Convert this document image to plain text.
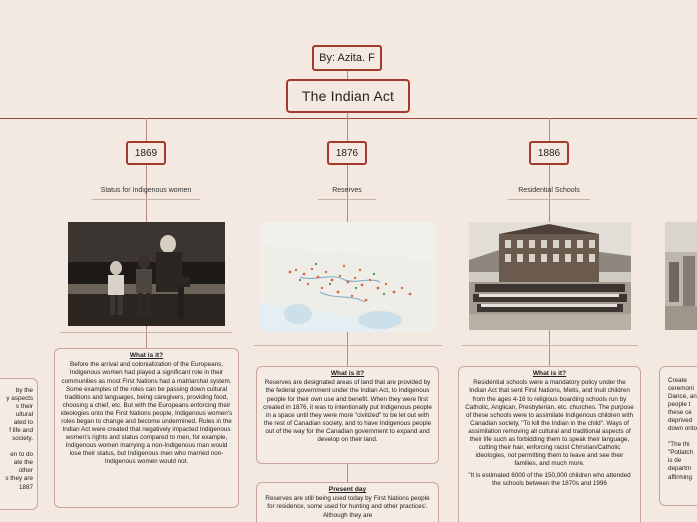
By: Azita. F
The Indian Act
1869	1876	1886
Status for Indigenous women	Reserves	Residential Schools
What is it?

Before the arrival and colonialization of the Europeans, Indigenous women had played a significant role in their communities as most First Nations had a matriarchal system. Some examples of the roles can be passing down cultural traditions and languages, being caregivers, providing food, choosing a chief, etc. But with the Europeans enforcing their ideologies onto the First Nations people, Indigenous women's roles began to change and become undermined. Rules in the Indian Act were created that negatively impacted Indigenous women's rights and status compared to men, for example, Indigenous women marrying a non-Indigenous man would lose their status, but Indigenous men who married non-Indigenous women would not.

What is it?

Reserves are designated areas of land that are provided by the federal government under the Indian Act, to Indigenous people for their own use and benefit. When they were first created in 1876, it was to intentionally put Indigenous people in a space until they were more "civilized" to be let out with the rest of Canadian society, and to have Indigenous people out of the way for the Canadian government to expand and develop on their land.

Present day

Reserves are still being used today by First Nations people for residence, some used for hunting and other practices'. Although they are

What is it?

Residential schools were a mandatory policy under the Indian Act that sent First Nations, Metis, and Inuit children from the ages 4-16 to religious boarding schools run by Catholic, Anglican, Presbyterian, etc. churches. The purpose of these schools were to assimilate Indigenous children with Canadian society, "To kill the Indian in the child". Ways of assimilation removing all cultural and traditional aspects of their life such as forbidding them to speak their language, cutting their hair, enforcing racist Christian/Catholic ideologies, not permitting them to leave and see their families, and much more.

"It is estimated 6000 of the 150,000 children who attended the schools between the 1870s and 1996

by the
y aspects
s their
ultural
ated to
f life and
society.
en to do
ate the
other
s they are
1887
Create
ceremoni
Dance, an
people t
these ce
deprived
down onto
"The thi
"Potlatch
is de
departm
affirming
